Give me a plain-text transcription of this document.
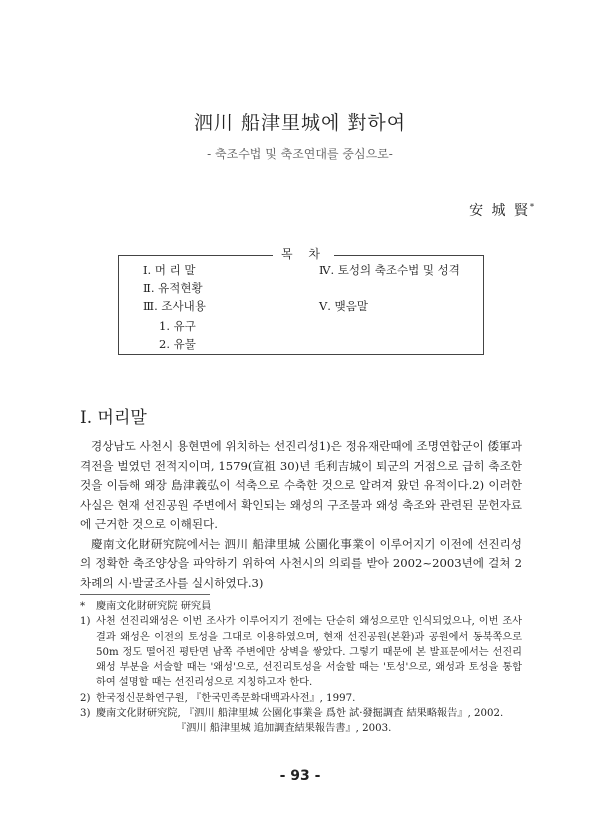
泗川 船津里城에 對하여
- 축조수법 및 축조연대를 중심으로-
安 城 賢*
Ⅰ. 머 리 말
Ⅱ. 유적현황
Ⅲ. 조사내용
1. 유구
2. 유물
Ⅳ. 토성의 축조수법 및 성격
Ⅴ. 맺음말
목 차
Ⅰ. 머리말

경상남도 사천시 용현면에 위치하는 선진리성1)은 정유재란때에 조명연합군이 倭軍과 격전을 벌였던 전적지이며, 1579(宣祖 30)년 毛利吉城이 퇴군의 거점으로 급히 축조한 것을 이듬해 왜장 島津義弘이 석축으로 수축한 것으로 알려져 왔던 유적이다.2) 이러한 사실은 현재 선진공원 주변에서 확인되는 왜성의 구조물과 왜성 축조와 관련된 문헌자료에 근거한 것으로 이해된다.

慶南文化財研究院에서는 泗川 船津里城 公園化事業이 이루어지기 이전에 선진리성의 정확한 축조양상을 파악하기 위하여 사천시의 의뢰를 받아 2002~2003년에 걸쳐 2차례의 시·발굴조사를 실시하였다.3)

* 慶南文化財研究院 研究員
1) 사천 선진리왜성은 이번 조사가 이루어지기 전에는 단순히 왜성으로만 인식되었으나, 이번 조사결과 왜성은 이전의 토성을 그대로 이용하였으며, 현재 선진공원(본환)과 공원에서 동북쪽으로 50m 정도 떨어진 평탄면 남쪽 주변에만 상벽을 쌓았다. 그렇기 때문에 본 발표문에서는 선진리왜성 부분을 서술할 때는 '왜성'으로, 선진리토성을 서술할 때는 '토성'으로, 왜성과 토성을 통합하여 설명할 때는 선진리성으로 지칭하고자 한다.
2) 한국정신문화연구원, 『한국민족문화대백과사전』, 1997.
3) 慶南文化財研究院, 『泗川 船津里城 公園化事業을 爲한 試·發掘調査 結果略報告』, 2002.
『泗川 船津里城 追加調査結果報告書』, 2003.
- 93 -
